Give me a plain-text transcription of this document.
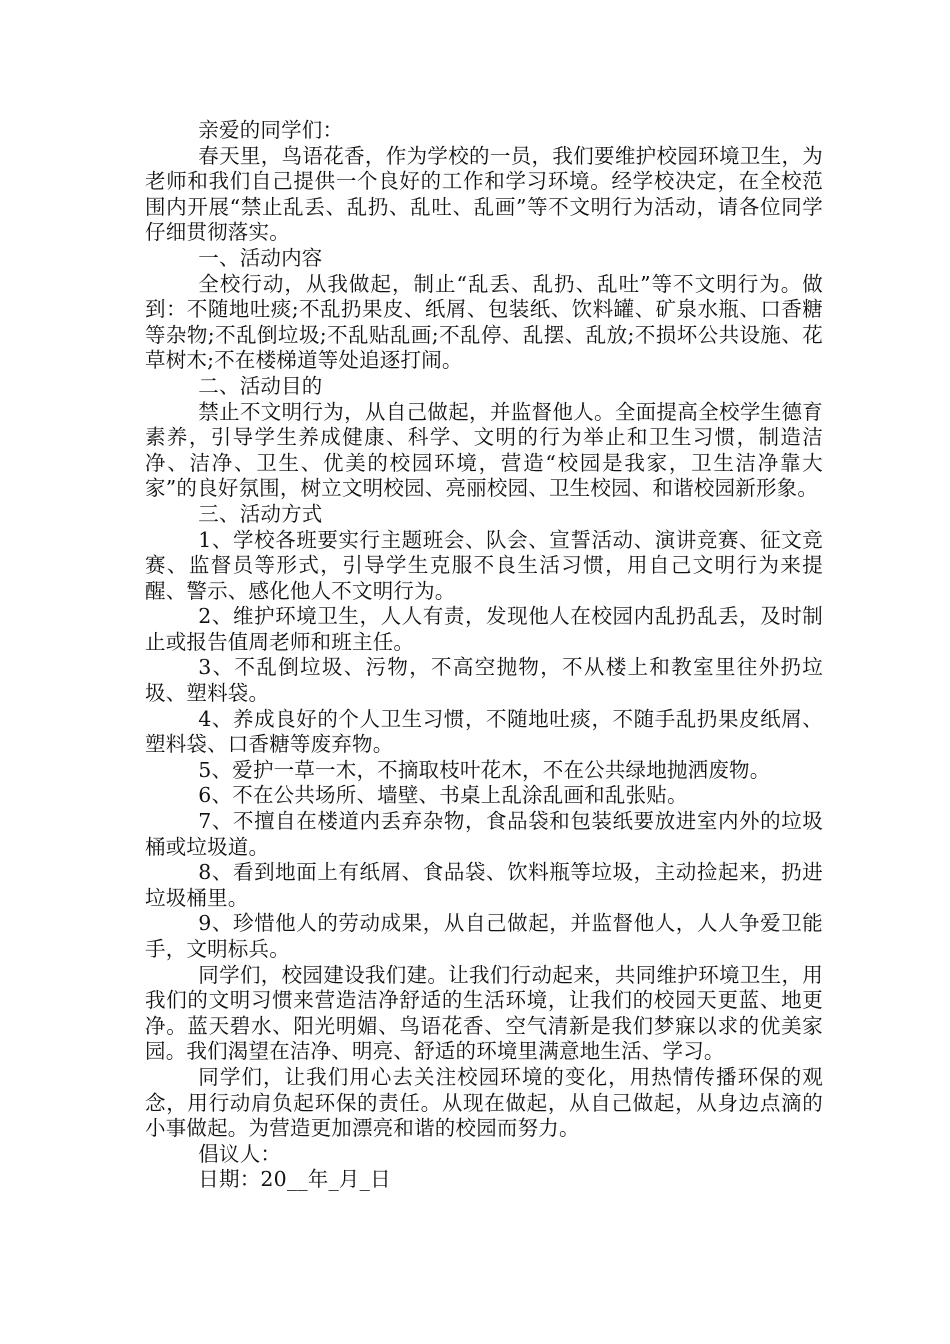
亲爱的同学们：

春天里，鸟语花香，作为学校的一员，我们要维护校园环境卫生，为老师和我们自己提供一个良好的工作和学习环境。经学校决定，在全校范围内开展“禁止乱丢、乱扔、乱吐、乱画”等不文明行为活动，请各位同学仔细贯彻落实。

一、活动内容

全校行动，从我做起，制止“乱丢、乱扔、乱吐”等不文明行为。做到：不随地吐痰;不乱扔果皮、纸屑、包装纸、饮料罐、矿泉水瓶、口香糖等杂物;不乱倒垃圾;不乱贴乱画;不乱停、乱摆、乱放;不损坏公共设施、花草树木;不在楼梯道等处追逐打闹。

二、活动目的

禁止不文明行为，从自己做起，并监督他人。全面提高全校学生德育素养，引导学生养成健康、科学、文明的行为举止和卫生习惯，制造洁净、洁净、卫生、优美的校园环境，营造“校园是我家，卫生洁净靠大家”的良好氛围，树立文明校园、亮丽校园、卫生校园、和谐校园新形象。

三、活动方式

1、学校各班要实行主题班会、队会、宣誓活动、演讲竞赛、征文竞赛、监督员等形式，引导学生克服不良生活习惯，用自己文明行为来提醒、警示、感化他人不文明行为。

2、维护环境卫生，人人有责，发现他人在校园内乱扔乱丢，及时制止或报告值周老师和班主任。

3、不乱倒垃圾、污物，不高空抛物，不从楼上和教室里往外扔垃圾、塑料袋。

4、养成良好的个人卫生习惯，不随地吐痰，不随手乱扔果皮纸屑、塑料袋、口香糖等废弃物。

5、爱护一草一木，不摘取枝叶花木，不在公共绿地抛洒废物。

6、不在公共场所、墙壁、书桌上乱涂乱画和乱张贴。

7、不擅自在楼道内丢弃杂物，食品袋和包装纸要放进室内外的垃圾桶或垃圾道。

8、看到地面上有纸屑、食品袋、饮料瓶等垃圾，主动捡起来，扔进垃圾桶里。

9、珍惜他人的劳动成果，从自己做起，并监督他人，人人争爱卫能手，文明标兵。

同学们，校园建设我们建。让我们行动起来，共同维护环境卫生，用我们的文明习惯来营造洁净舒适的生活环境，让我们的校园天更蓝、地更净。蓝天碧水、阳光明媚、鸟语花香、空气清新是我们梦寐以求的优美家园。我们渴望在洁净、明亮、舒适的环境里满意地生活、学习。

同学们，让我们用心去关注校园环境的变化，用热情传播环保的观念，用行动肩负起环保的责任。从现在做起，从自己做起，从身边点滴的小事做起。为营造更加漂亮和谐的校园而努力。

倡议人：

日期：20__年_月_日
